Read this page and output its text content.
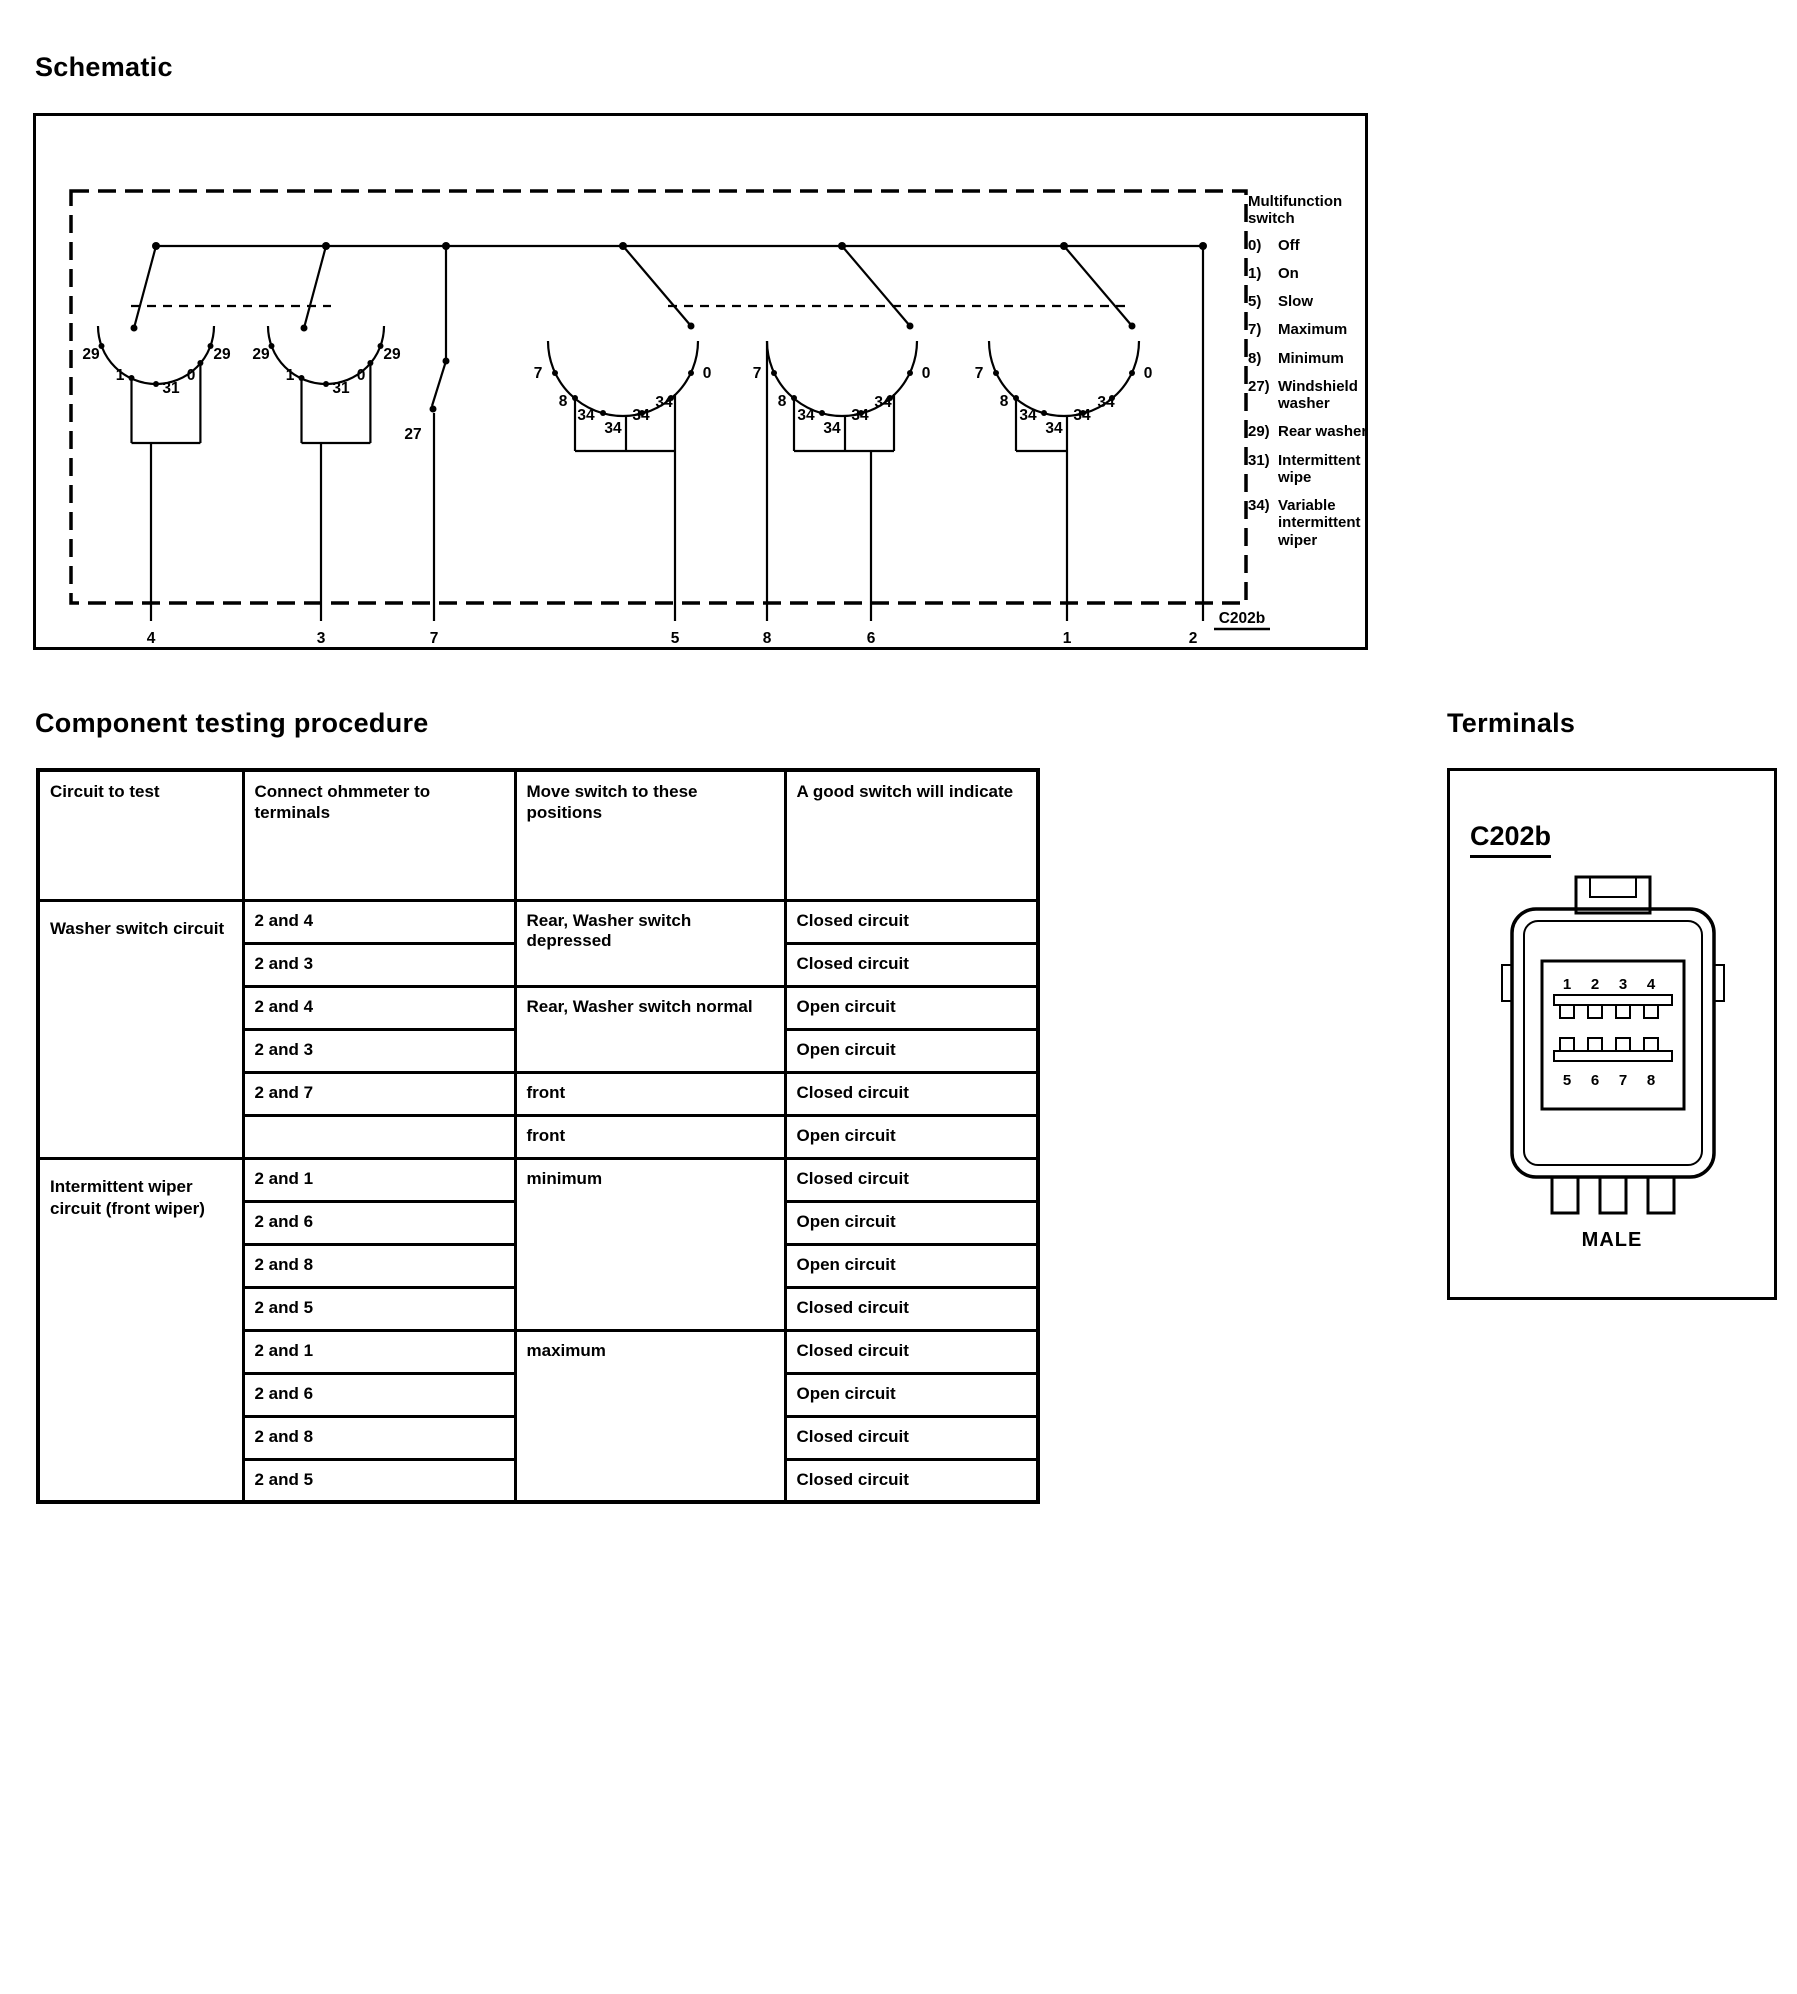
Schematic
Component testing procedure	Terminals
29
1
31
0
29 29
1
31
0
29
27
7
8
34
34
34
34
0	7
8
34
34
34
34
0	7
8
34
34
34
34
0
4	3	7	5	8	6	1	2
C202b
Multifunction switch
0)	Off
1)	On
5)	Slow
7)	Maximum
8)	Minimum
27) Windshield washer
29) Rear washer
31) Intermittent wipe
34) Variable intermittent wiper
Circuit to test	Connect ohmmeter to terminals	Move switch to these positions	A good switch will indicate
Washer switch circuit	2 and 4	Rear, Washer switch depressed	Closed circuit
	2 and 3		Closed circuit
	2 and 4	Rear, Washer switch normal	Open circuit
	2 and 3		Open circuit
	2 and 7	front	Closed circuit
		front	Open circuit
Intermittent wiper circuit (front wiper)	2 and 1	minimum	Closed circuit
	2 and 6		Open circuit
	2 and 8		Open circuit
	2 and 5		Closed circuit
	2 and 1	maximum	Closed circuit
	2 and 6		Open circuit
	2 and 8		Closed circuit
	2 and 5		Closed circuit
C202b
1 2 3 4
5 6 7 8
MALE
